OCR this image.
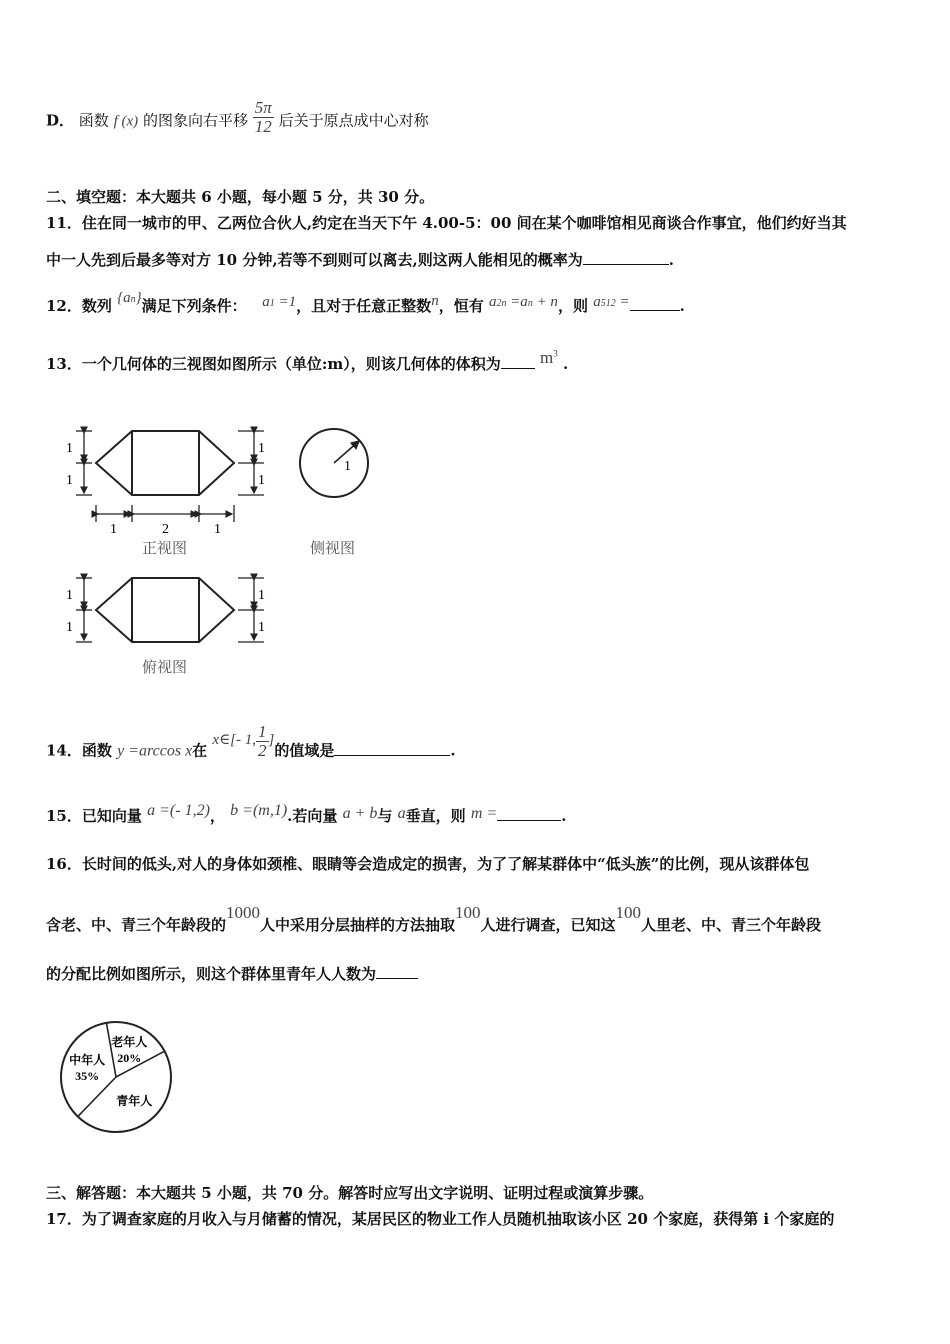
D． 函数 f (x) 的图象向右平移 $\frac{5\pi}{12}$ 后关于原点成中心对称
二、填空题：本大题共 6 小题，每小题 5 分，共 30 分。
11．住在同一城市的甲、乙两位合伙人,约定在当天下午 4.00-5：00 间在某个咖啡馆相见商谈合作事宜，他们约好当其
中一人先到后最多等对方 10 分钟,若等不到则可以离去,则这两人能相见的概率为	.
12．数列 {an}满足下列条件： a1 =1，且对于任意正整数n，恒有 a2n =an + n，则 a512 =	.
13．一个几何体的三视图如图所示（单位:m），则该几何体的体积为 $m^3$ .
1
1
1
1
1	2	1
正视图
1
侧视图
1
1
1
1
俯视图
14．函数 y =arccos x在 x∈[- 1, $\frac{1}{2}$ ]的值域是	.
15．已知向量 a =(- 1,2)， b =(m,1).若向量 a + b与 a垂直，则 m =	.
16．长时间的低头,对人的身体如颈椎、眼睛等会造成定的损害，为了了解某群体中“低头族”的比例，现从该群体包
含老、中、青三个年龄段的1000人中采用分层抽样的方法抽取100人进行调查，已知这100人里老、中、青三个年龄段
的分配比例如图所示，则这个群体里青年人人数为
老年人
20%
青年人
中年人
35%
三、解答题：本大题共 5 小题，共 70 分。解答时应写出文字说明、证明过程或演算步骤。
17．为了调查家庭的月收入与月储蓄的情况，某居民区的物业工作人员随机抽取该小区 20 个家庭，获得第 i 个家庭的
